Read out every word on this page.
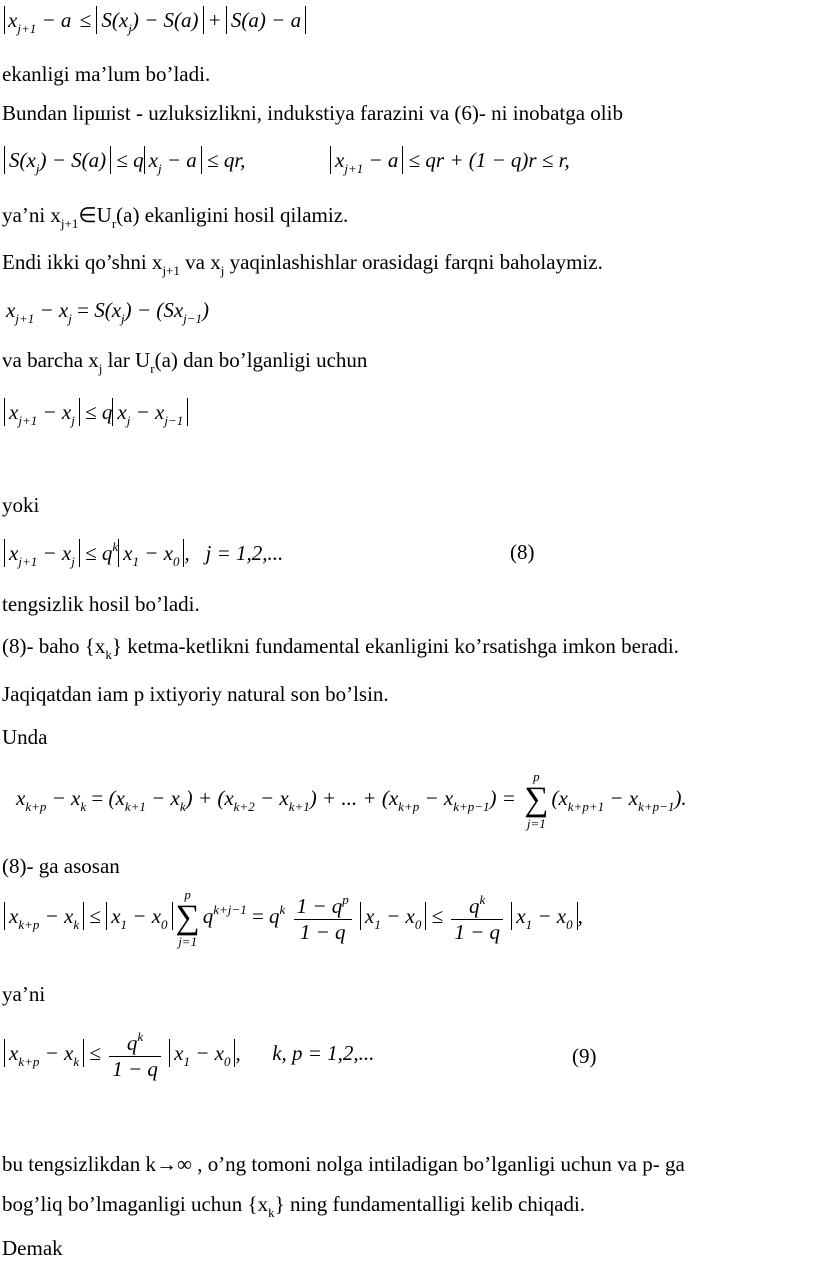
$x_{j+1} - a \le S(x_j) - S(a) + S(a) - a$
ekanligi ma’lum bo’ladi.
Bundan lipшist - uzluksizlikni, indukstiya farazini va (6)- ni inobatga olib
$S(x_j) - S(a) \le q$ $x_j - a$ ≤ qr,	$x_{j+1} - a$ ≤ qr + (1 − q)r ≤ r,
ya’ni $x_{j+1}\in U_r(a)$ ekanligini hosil qilamiz.
Endi ikki qo’shni $x_{j+1}$ va $x_j$ yaqinlashishlar orasidagi farqni baholaymiz.
$x_{j+1} - x_j = S(x_j) - (Sx_{j-1})$
va barcha $x_j$ lar $U_r(a)$ dan bo’lganligi uchun
$x_{j+1} - x_j \le q$ $x_j - x_{j-1}$
yoki
$x_{j+1} - x_j \le q^k$ $x_1 - x_0$ ,   j = 1,2,...	(8)
tengsizlik hosil bo’ladi.
(8)- baho $\{x_k\}$ ketma-ketlikni fundamental ekanligini ko’rsatishga imkon beradi.
Jaqiqatdan iam p ixtiyoriy natural son bo’lsin.
Unda
$x_{k+p} - x_k = (x_{k+1} - x_k) + (x_{k+2} - x_{k+1})$ + ... + $(x_{k+p} - x_{k+p-1})$ =
p
∑
j=1
$(x_{k+p+1} - x_{k+p-1})$.
(8)- ga asosan
$x_{k+p} - x_k \le x_1 - x_0$
p
∑
j=1
$q^{k+j-1} = q^k \frac{1 - q^p}{1 - q} x_1 - x_0 \le \frac{q^k}{1 - q} x_1 - x_0$ ,
ya’ni
$x_{k+p} - x_k \le \frac{q^k}{1 - q} x_1 - x_0$ ,      k, p = 1,2,...	(9)
bu tengsizlikdan k→∞ , o’ng tomoni nolga intiladigan bo’lganligi uchun va p- ga
bog’liq bo’lmaganligi uchun $\{x_k\}$ ning fundamentalligi kelib chiqadi.
Demak
